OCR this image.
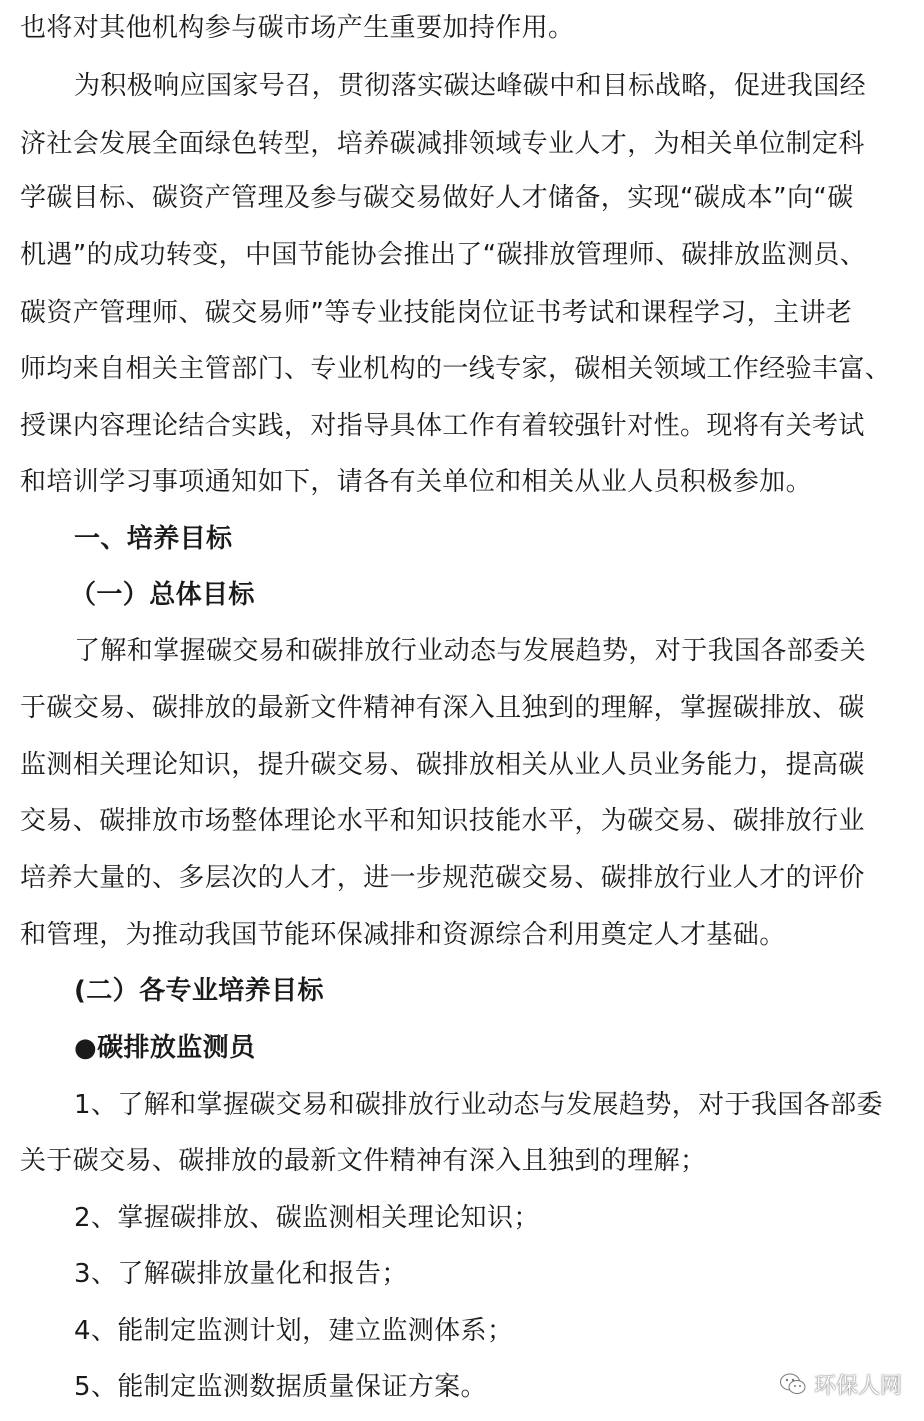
也将对其他机构参与碳市场产生重要加持作用。
为积极响应国家号召，贯彻落实碳达峰碳中和目标战略，促进我国经
济社会发展全面绿色转型，培养碳减排领域专业人才，为相关单位制定科
学碳目标、碳资产管理及参与碳交易做好人才储备，实现“碳成本”向“碳
机遇”的成功转变，中国节能协会推出了“碳排放管理师、碳排放监测员、
碳资产管理师、碳交易师”等专业技能岗位证书考试和课程学习，主讲老
师均来自相关主管部门、专业机构的一线专家，碳相关领域工作经验丰富、
授课内容理论结合实践，对指导具体工作有着较强针对性。现将有关考试
和培训学习事项通知如下，请各有关单位和相关从业人员积极参加。
一、培养目标
（一）总体目标
了解和掌握碳交易和碳排放行业动态与发展趋势，对于我国各部委关
于碳交易、碳排放的最新文件精神有深入且独到的理解，掌握碳排放、碳
监测相关理论知识，提升碳交易、碳排放相关从业人员业务能力，提高碳
交易、碳排放市场整体理论水平和知识技能水平，为碳交易、碳排放行业
培养大量的、多层次的人才，进一步规范碳交易、碳排放行业人才的评价
和管理，为推动我国节能环保减排和资源综合利用奠定人才基础。
(二）各专业培养目标
●碳排放监测员
1、了解和掌握碳交易和碳排放行业动态与发展趋势，对于我国各部委
关于碳交易、碳排放的最新文件精神有深入且独到的理解；
2、掌握碳排放、碳监测相关理论知识；
3、了解碳排放量化和报告；
4、能制定监测计划，建立监测体系；
5、能制定监测数据质量保证方案。	环保人网
